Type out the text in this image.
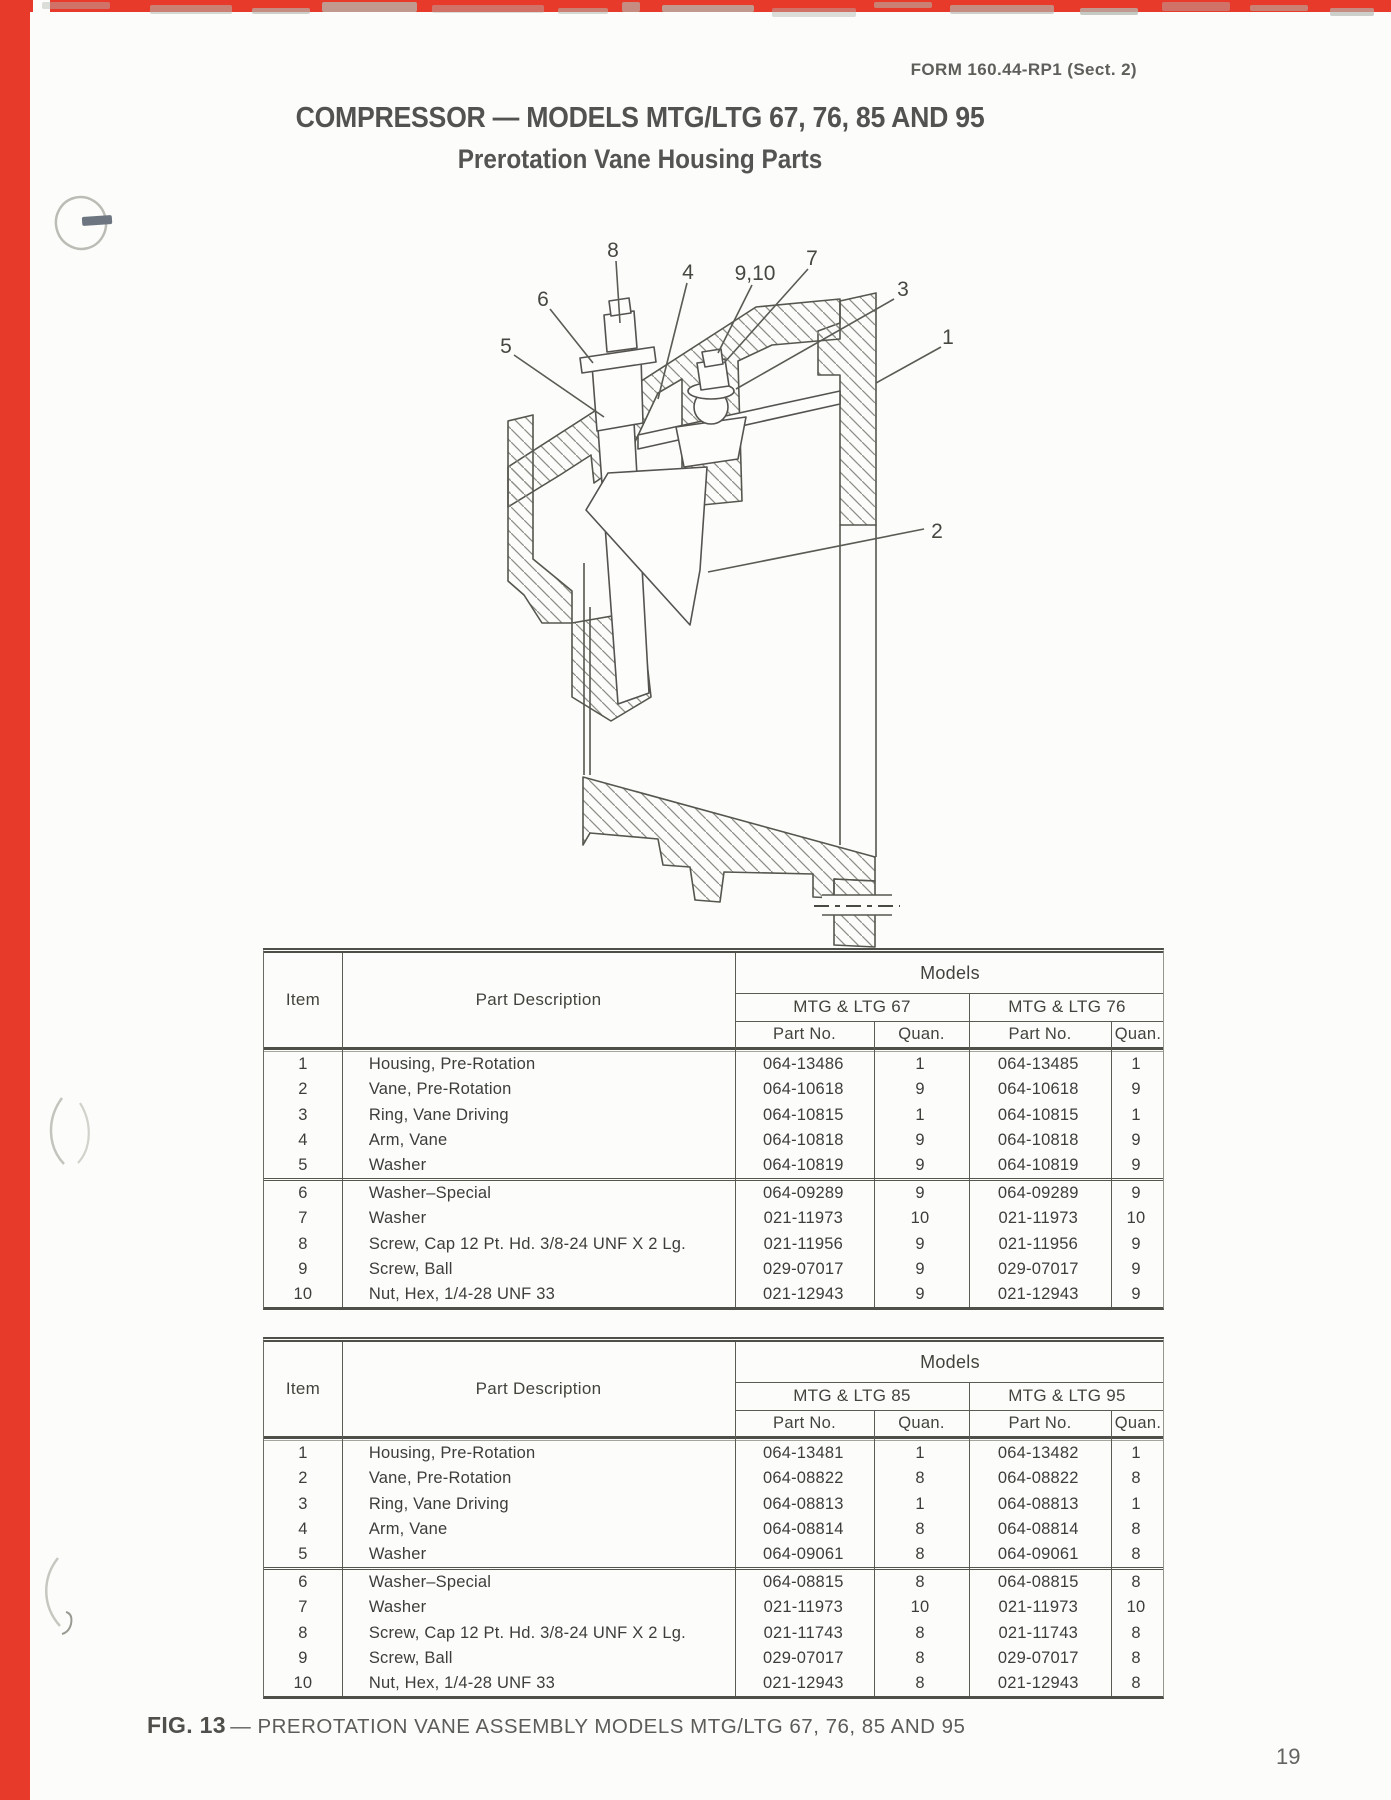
FORM 160.44-RP1 (Sect. 2)
COMPRESSOR — MODELS MTG/LTG 67, 76, 85 AND 95
Prerotation Vane Housing Parts
8
6
4 9,10
7
5
3
1
2
Item	Part Description
Models
MTG & LTG 67	MTG & LTG 76
Part No.	Quan.	Part No.	Quan.
1	Housing, Pre-Rotation	064-13486	1	064-13485	1
2	Vane, Pre-Rotation	064-10618	9	064-10618	9
3	Ring, Vane Driving	064-10815	1	064-10815	1
4	Arm, Vane	064-10818	9	064-10818	9
5	Washer	064-10819	9	064-10819	9
6	Washer–Special	064-09289	9	064-09289	9
7	Washer	021-11973	10	021-11973	10
8	Screw, Cap 12 Pt. Hd. 3/8-24 UNF X 2 Lg.	021-11956	9	021-11956	9
9	Screw, Ball	029-07017	9	029-07017	9
10	Nut, Hex, 1/4-28 UNF 33	021-12943	9	021-12943	9
Item	Part Description
Models
MTG & LTG 85	MTG & LTG 95
Part No.	Quan.	Part No.	Quan.
1	Housing, Pre-Rotation	064-13481	1	064-13482	1
2	Vane, Pre-Rotation	064-08822	8	064-08822	8
3	Ring, Vane Driving	064-08813	1	064-08813	1
4	Arm, Vane	064-08814	8	064-08814	8
5	Washer	064-09061	8	064-09061	8
6	Washer–Special	064-08815	8	064-08815	8
7	Washer	021-11973	10	021-11973	10
8	Screw, Cap 12 Pt. Hd. 3/8-24 UNF X 2 Lg.	021-11743	8	021-11743	8
9	Screw, Ball	029-07017	8	029-07017	8
10	Nut, Hex, 1/4-28 UNF 33	021-12943	8	021-12943	8
FIG. 13 — PREROTATION VANE ASSEMBLY MODELS MTG/LTG 67, 76, 85 AND 95
19
